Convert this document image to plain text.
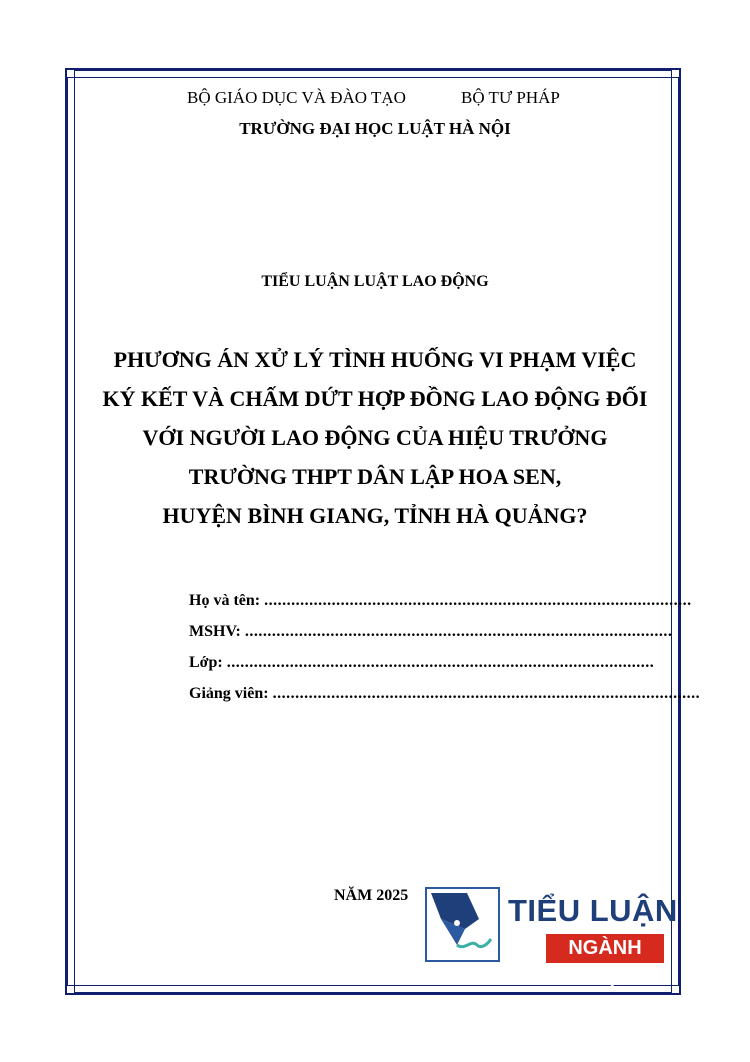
BỘ GIÁO DỤC VÀ ĐÀO TẠO	BỘ TƯ PHÁP
TRƯỜNG ĐẠI HỌC LUẬT HÀ NỘI
TIỂU LUẬN LUẬT LAO ĐỘNG
PHƯƠNG ÁN XỬ LÝ TÌNH HUỐNG VI PHẠM VIỆC
KÝ KẾT VÀ CHẤM DỨT HỢP ĐỒNG LAO ĐỘNG ĐỐI
VỚI NGƯỜI LAO ĐỘNG CỦA HIỆU TRƯỞNG
TRƯỜNG THPT DÂN LẬP HOA SEN,
HUYỆN BÌNH GIANG, TỈNH HÀ QUẢNG?
Họ và tên: ...............................................................................................
MSHV: ...............................................................................................
Lớp: ...............................................................................................
Giảng viên: ...............................................................................................
NĂM 2025	TIỂU LUẬN
NGÀNH LUẬT
